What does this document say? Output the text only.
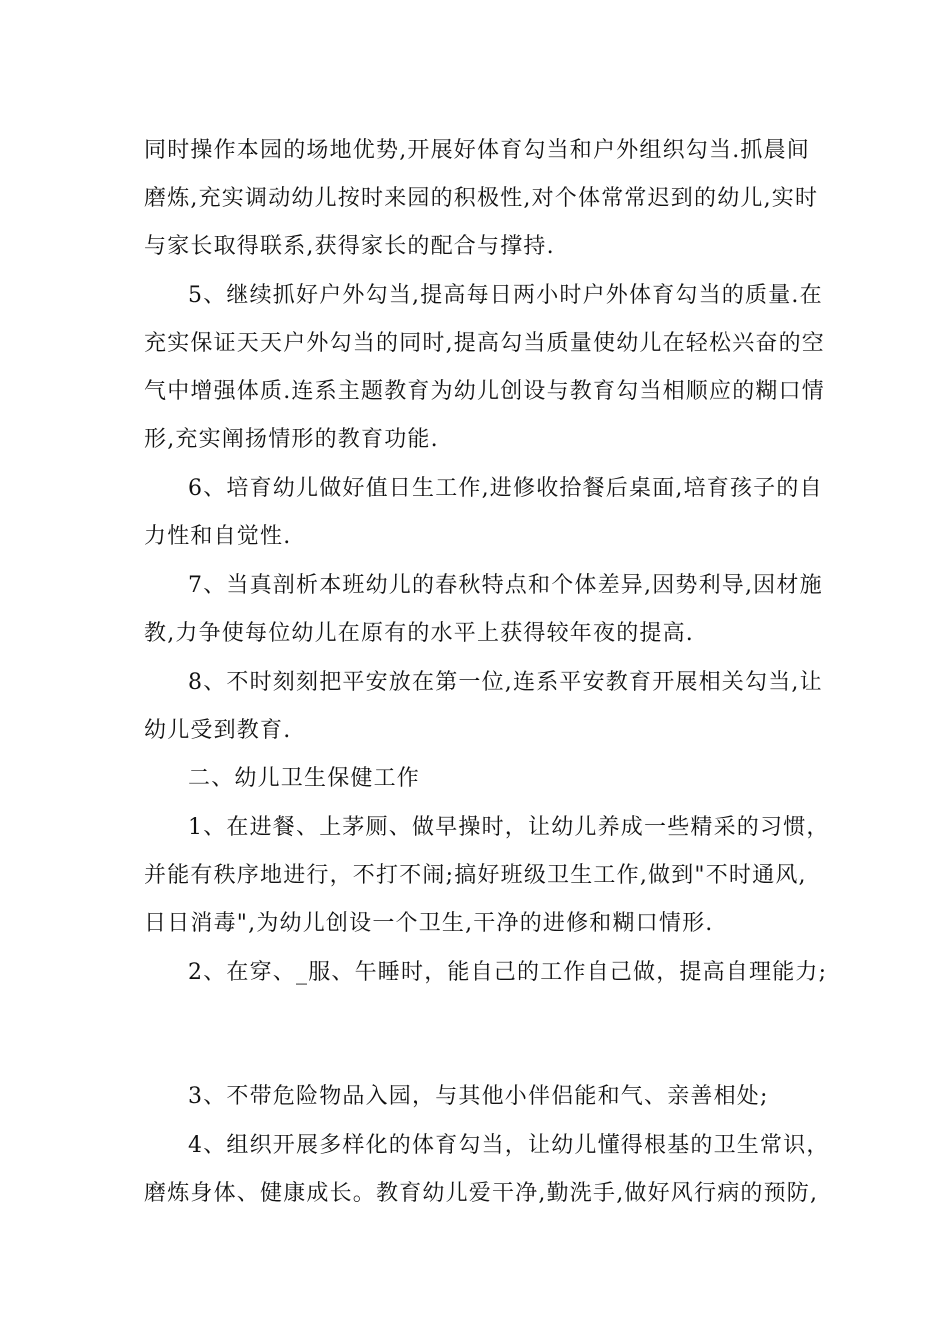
同时操作本园的场地优势,开展好体育勾当和户外组织勾当.抓晨间
磨炼,充实调动幼儿按时来园的积极性,对个体常常迟到的幼儿,实时
与家长取得联系,获得家长的配合与撑持.
5、继续抓好户外勾当,提高每日两小时户外体育勾当的质量.在
充实保证天天户外勾当的同时,提高勾当质量使幼儿在轻松兴奋的空
气中增强体质.连系主题教育为幼儿创设与教育勾当相顺应的糊口情
形,充实阐扬情形的教育功能.
6、培育幼儿做好值日生工作,进修收拾餐后桌面,培育孩子的自
力性和自觉性.
7、当真剖析本班幼儿的春秋特点和个体差异,因势利导,因材施
教,力争使每位幼儿在原有的水平上获得较年夜的提高.
8、不时刻刻把平安放在第一位,连系平安教育开展相关勾当,让
幼儿受到教育.
二、幼儿卫生保健工作
1、在进餐、上茅厕、做早操时，让幼儿养成一些精采的习惯，
并能有秩序地进行，不打不闹;搞好班级卫生工作,做到"不时通风,
日日消毒",为幼儿创设一个卫生,干净的进修和糊口情形.
2、在穿、_服、午睡时，能自己的工作自己做，提高自理能力;
3、不带危险物品入园，与其他小伴侣能和气、亲善相处;
4、组织开展多样化的体育勾当，让幼儿懂得根基的卫生常识，
磨炼身体、健康成长。教育幼儿爱干净,勤洗手,做好风行病的预防,
